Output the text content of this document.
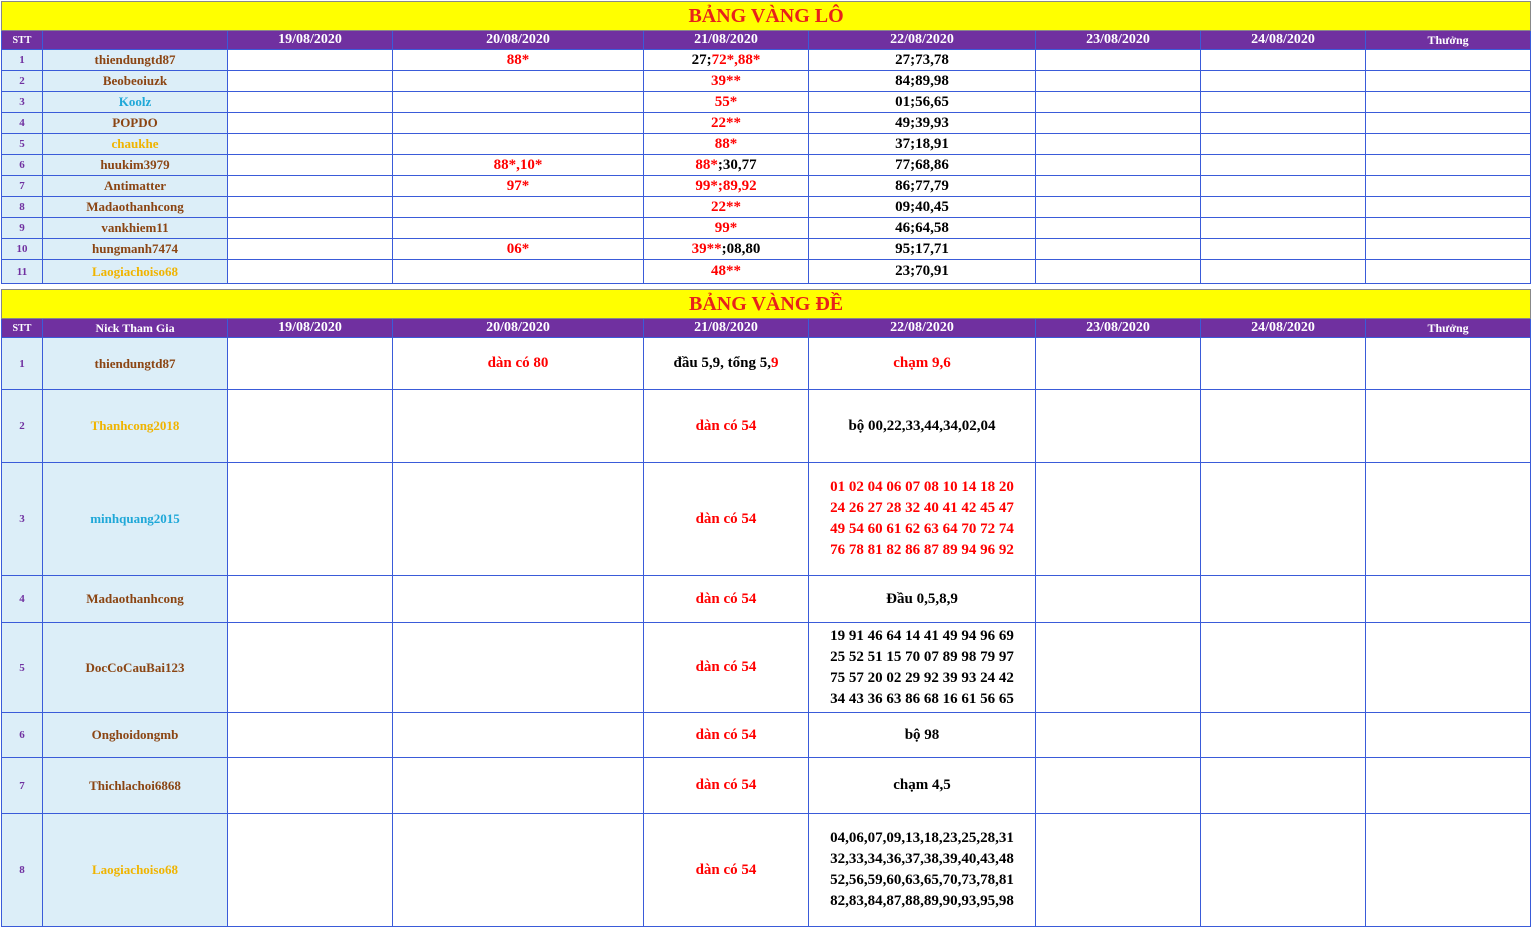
BẢNG VÀNG LÔ								
STT		19/08/2020	20/08/2020	21/08/2020	22/08/2020	23/08/2020	24/08/2020	Thưởng
1	thiendungtd87		88*	27;72*,88*	27;73,78			
2	Beobeoiuzk			39**	84;89,98			
3	Koolz			55*	01;56,65			
4	POPDO			22**	49;39,93			
5	chaukhe			88*	37;18,91			
6	huukim3979		88*,10*	88*;30,77	77;68,86			
7	Antimatter		97*	99*;89,92	86;77,79			
8	Madaothanhcong			22**	09;40,45			
9	vankhiem11			99*	46;64,58			
10	hungmanh7474		06*	39**;08,80	95;17,71			
11	Laogiachoiso68			48**	23;70,91			
BẢNG VÀNG ĐỀ								
STT	Nick Tham Gia	19/08/2020	20/08/2020	21/08/2020	22/08/2020	23/08/2020	24/08/2020	Thưởng
1	thiendungtd87		dàn có 80	đầu 5,9, tổng 5,9	chạm 9,6			

2	Thanhcong2018			dàn có 54	bộ 00,22,33,44,34,02,04			

3	minhquang2015			dàn có 54	01 02 04 06 07 08 10 14 18 20
24 26 27 28 32 40 41 42 45 47
49 54 60 61 62 63 64 70 72 74
76 78 81 82 86 87 89 94 96 92			

4	Madaothanhcong			dàn có 54	Đầu 0,5,8,9			

5	DocCoCauBai123			dàn có 54	19 91 46 64 14 41 49 94 96 69
25 52 51 15 70 07 89 98 79 97
75 57 20 02 29 92 39 93 24 42
34 43 36 63 86 68 16 61 56 65			

6	Onghoidongmb			dàn có 54	bộ 98			

7	Thichlachoi6868			dàn có 54	chạm 4,5			

8	Laogiachoiso68			dàn có 54	04,06,07,09,13,18,23,25,28,31
32,33,34,36,37,38,39,40,43,48
52,56,59,60,63,65,70,73,78,81
82,83,84,87,88,89,90,93,95,98			
